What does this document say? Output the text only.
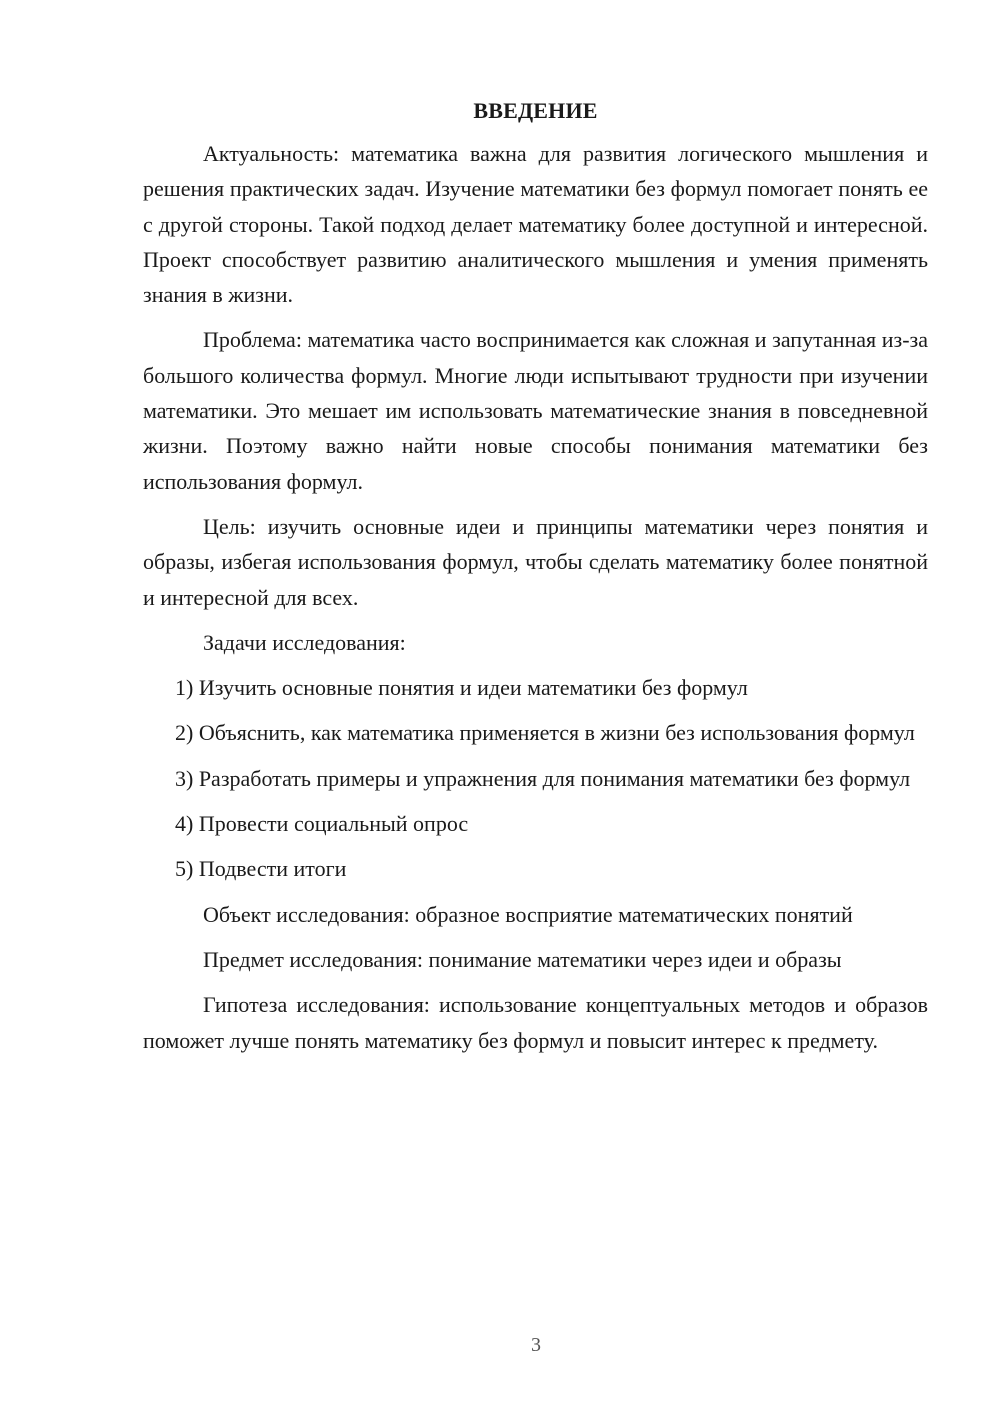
ВВЕДЕНИЕ

Актуальность: математика важна для развития логического мышления и решения практических задач. Изучение математики без формул помогает понять ее с другой стороны. Такой подход делает математику более доступной и интересной. Проект способствует развитию аналитического мышления и умения применять знания в жизни.

Проблема: математика часто воспринимается как сложная и запутанная из-за большого количества формул. Многие люди испытывают трудности при изучении математики. Это мешает им использовать математические знания в повседневной жизни. Поэтому важно найти новые способы понимания математики без использования формул.

Цель: изучить основные идеи и принципы математики через понятия и образы, избегая использования формул, чтобы сделать математику более понятной и интересной для всех.

Задачи исследования:

1) Изучить основные понятия и идеи математики без формул

2) Объяснить, как математика применяется в жизни без использования формул

3) Разработать примеры и упражнения для понимания математики без формул

4) Провести социальный опрос

5) Подвести итоги

Объект исследования: образное восприятие математических понятий

Предмет исследования: понимание математики через идеи и образы

Гипотеза исследования: использование концептуальных методов и образов поможет лучше понять математику без формул и повысит интерес к предмету.

3
